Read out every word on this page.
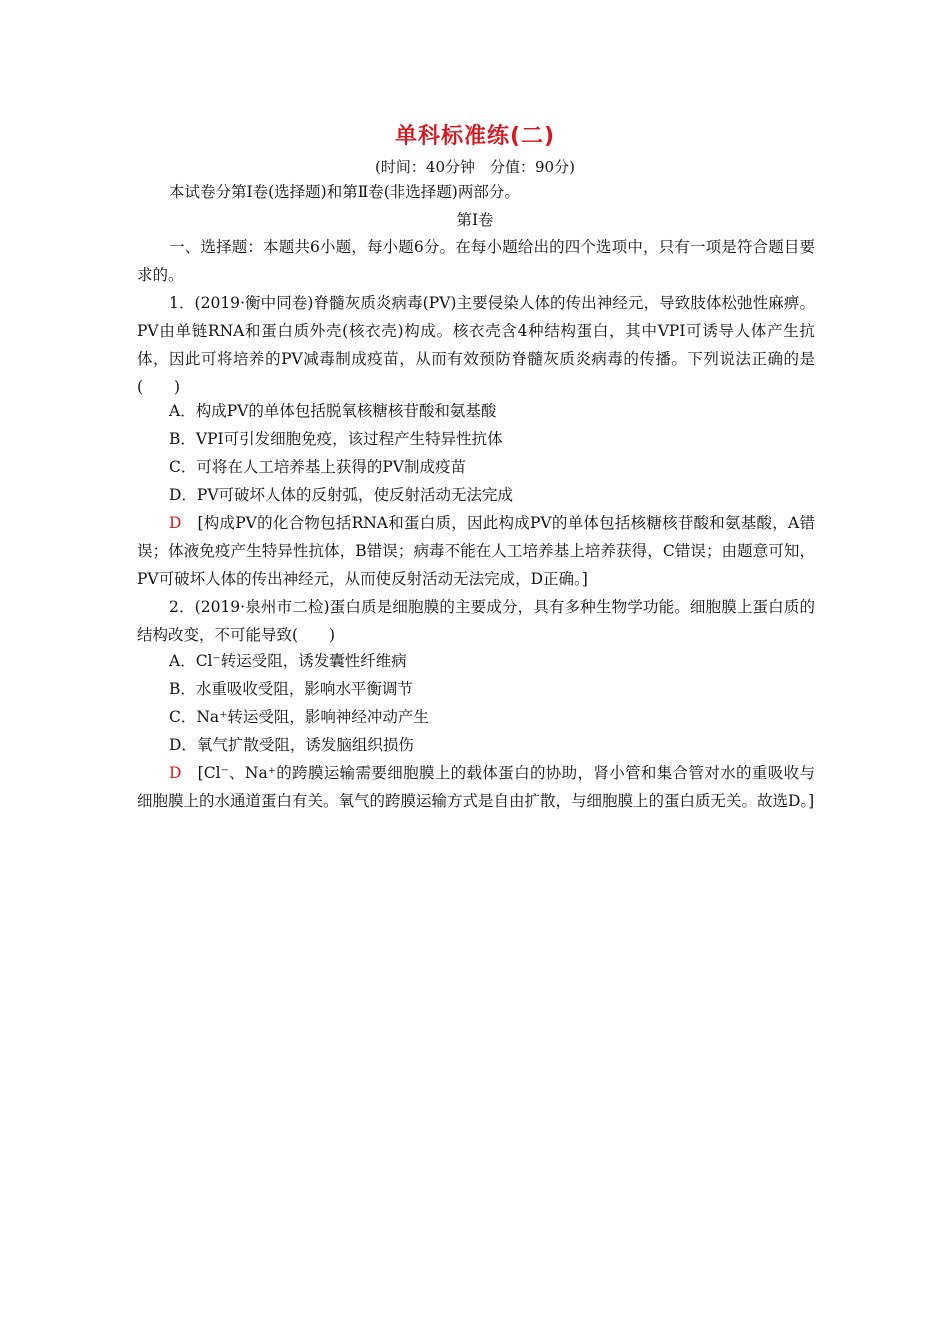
单科标准练(二)
(时间：40分钟　分值：90分)
本试卷分第Ⅰ卷(选择题)和第Ⅱ卷(非选择题)两部分。
第Ⅰ卷
一、选择题：本题共6小题，每小题6分。在每小题给出的四个选项中，只有一项是符合题目要求的。
1．(2019·衡中同卷)脊髓灰质炎病毒(PV)主要侵染人体的传出神经元，导致肢体松弛性麻痹。PV由单链RNA和蛋白质外壳(核衣壳)构成。核衣壳含4种结构蛋白，其中VPI可诱导人体产生抗体，因此可将培养的PV减毒制成疫苗，从而有效预防脊髓灰质炎病毒的传播。下列说法正确的是(　　)
A．构成PV的单体包括脱氧核糖核苷酸和氨基酸
B．VPI可引发细胞免疫，该过程产生特异性抗体
C．可将在人工培养基上获得的PV制成疫苗
D．PV可破坏人体的反射弧，使反射活动无法完成
D　 [构成PV的化合物包括RNA和蛋白质，因此构成PV的单体包括核糖核苷酸和氨基酸，A错误；体液免疫产生特异性抗体，B错误；病毒不能在人工培养基上培养获得，C错误；由题意可知，PV可破坏人体的传出神经元，从而使反射活动无法完成，D正确。]
2．(2019·泉州市二检)蛋白质是细胞膜的主要成分，具有多种生物学功能。细胞膜上蛋白质的结构改变，不可能导致(　　)
A．Cl⁻转运受阻，诱发囊性纤维病
B．水重吸收受阻，影响水平衡调节
C．Na⁺转运受阻，影响神经冲动产生
D．氧气扩散受阻，诱发脑组织损伤
D　 [Cl⁻、Na⁺的跨膜运输需要细胞膜上的载体蛋白的协助，肾小管和集合管对水的重吸收与细胞膜上的水通道蛋白有关。氧气的跨膜运输方式是自由扩散，与细胞膜上的蛋白质无关。故选D。]
